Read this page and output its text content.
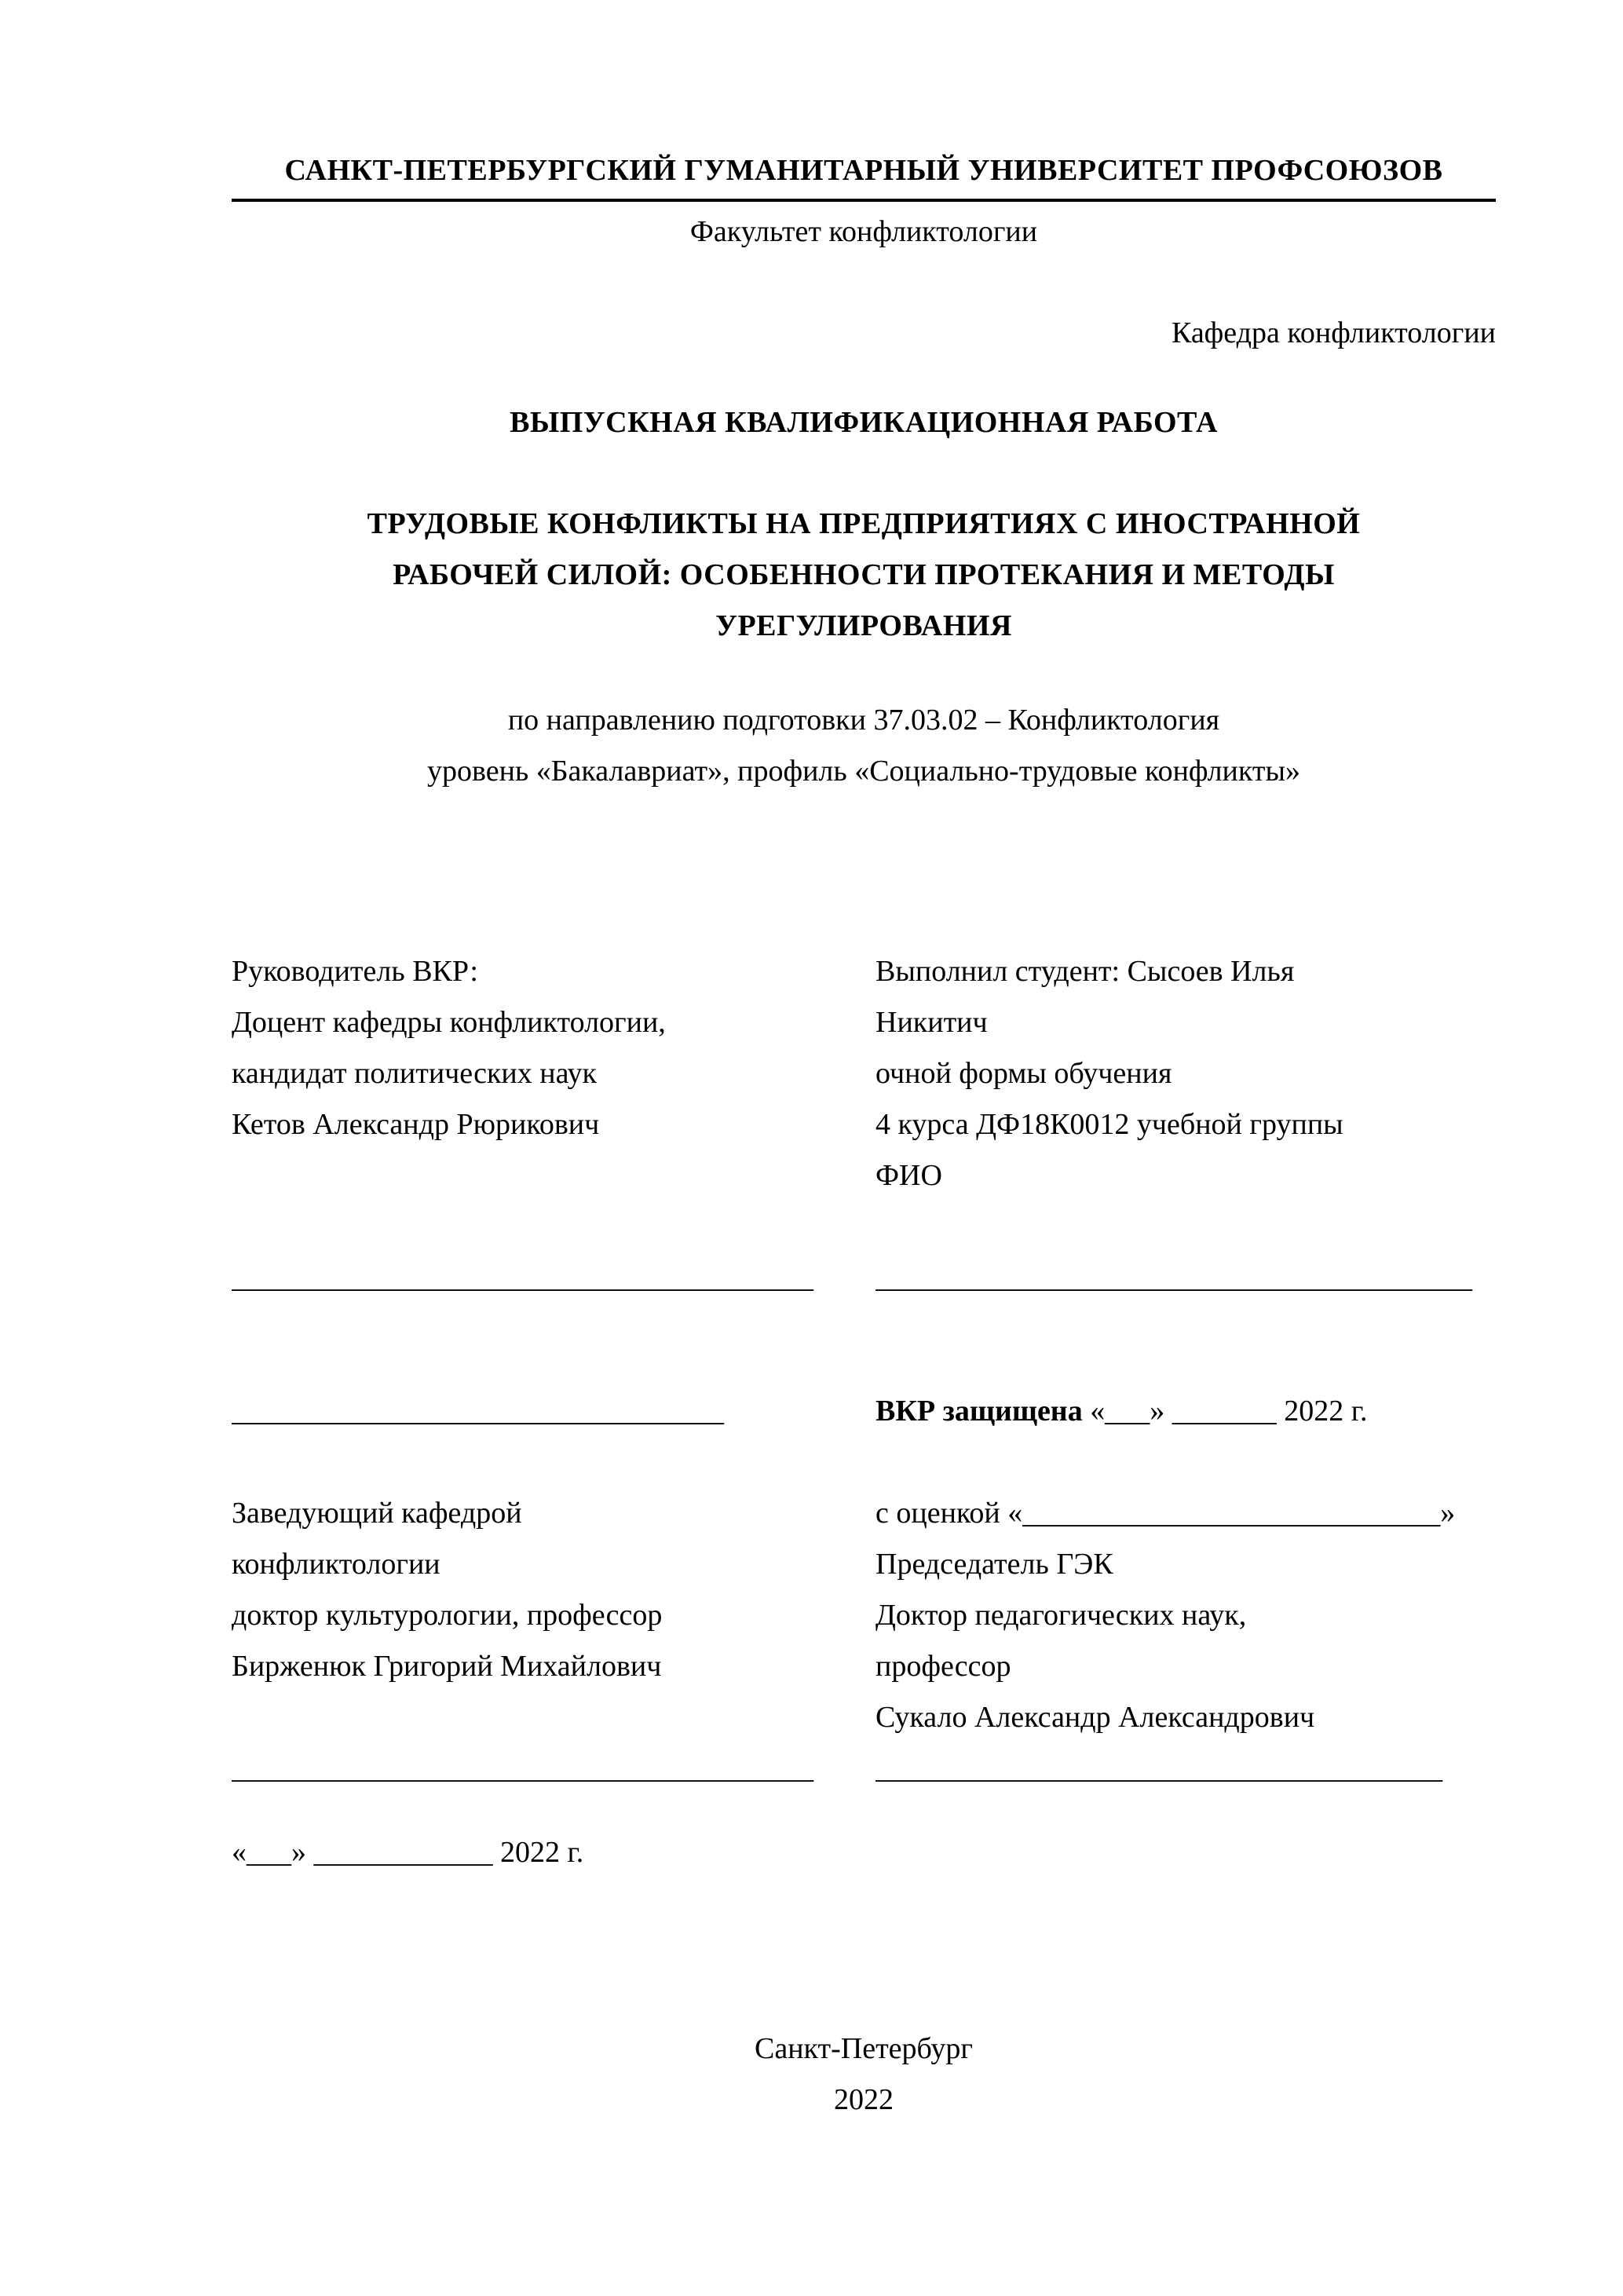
САНКТ-ПЕТЕРБУРГСКИЙ ГУМАНИТАРНЫЙ УНИВЕРСИТЕТ ПРОФСОЮЗОВ
Факультет конфликтологии
Кафедра конфликтологии
ВЫПУСКНАЯ КВАЛИФИКАЦИОННАЯ РАБОТА
ТРУДОВЫЕ КОНФЛИКТЫ НА ПРЕДПРИЯТИЯХ С ИНОСТРАННОЙ
РАБОЧЕЙ СИЛОЙ: ОСОБЕННОСТИ ПРОТЕКАНИЯ И МЕТОДЫ
УРЕГУЛИРОВАНИЯ
по направлению подготовки 37.03.02 – Конфликтология
уровень «Бакалавриат», профиль «Социально-трудовые конфликты»
Руководитель ВКР:
Доцент кафедры конфликтологии,
кандидат политических наук
Кетов Александр Рюрикович
Выполнил студент: Сысоев Илья
Никитич
очной формы обучения
4 курса ДФ18К0012 учебной группы
ФИО
_______________________________________	________________________________________
_________________________________	ВКР защищена «___» _______ 2022 г.
Заведующий кафедрой
конфликтологии
доктор культурологии, профессор
Бирженюк Григорий Михайлович
с оценкой «____________________________»
Председатель ГЭК
Доктор педагогических наук,
профессор
Сукало Александр Александрович
_______________________________________	______________________________________
«___» ____________ 2022 г.
Санкт-Петербург
2022
